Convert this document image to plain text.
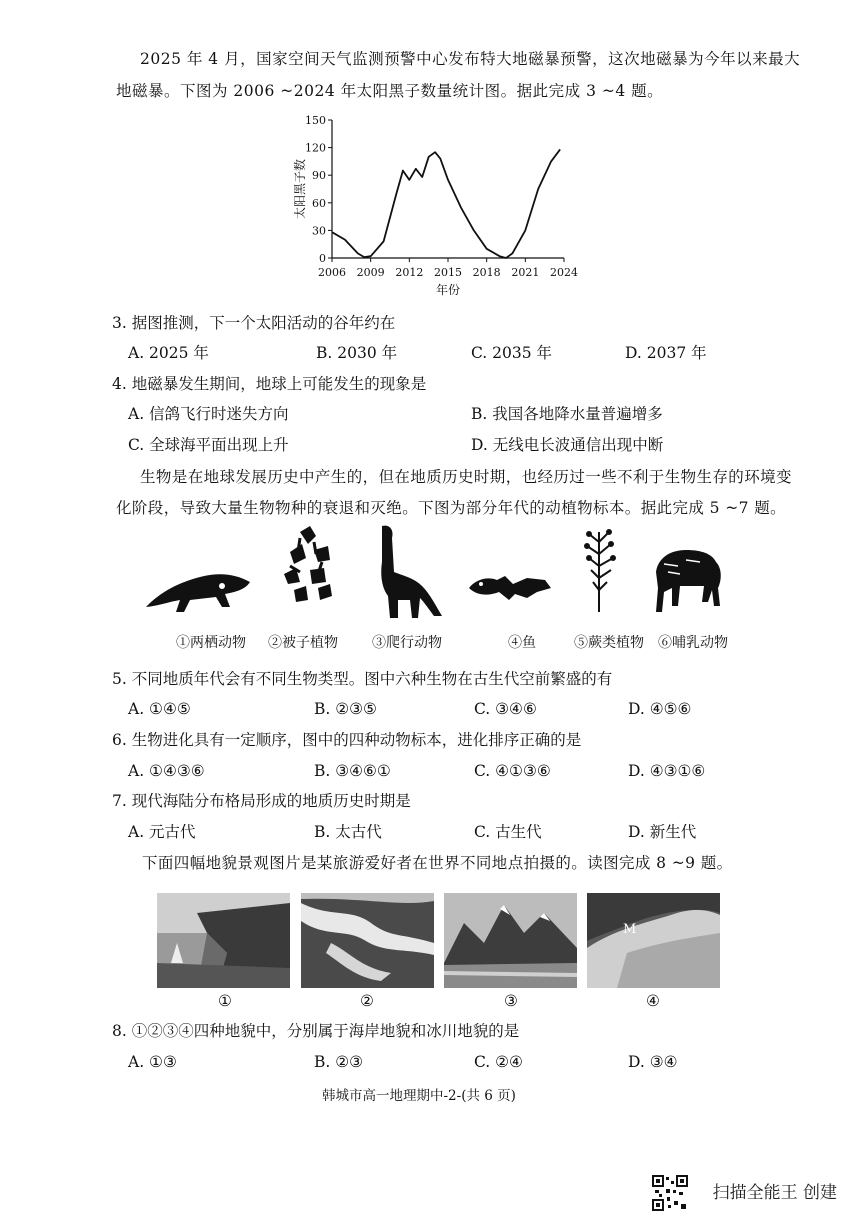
2025 年 4 月，国家空间天气监测预警中心发布特大地磁暴预警，这次地磁暴为今年以来最大
地磁暴。下图为 2006 ~2024 年太阳黑子数量统计图。据此完成 3 ~4 题。
0
30
60
90
120
150
2006 2009 2012 2015 2018 2021 2024
年份
太阳黑子数
3. 据图推测，下一个太阳活动的谷年约在
A. 2025 年	B. 2030 年	C. 2035 年	D. 2037 年
4. 地磁暴发生期间，地球上可能发生的现象是
A. 信鸽飞行时迷失方向	B. 我国各地降水量普遍增多
C. 全球海平面出现上升	D. 无线电长波通信出现中断
生物是在地球发展历史中产生的，但在地质历史时期，也经历过一些不利于生物生存的环境变
化阶段，导致大量生物物种的衰退和灭绝。下图为部分年代的动植物标本。据此完成 5 ~7 题。
①两栖动物 ②被子植物 ③爬行动物	④鱼	⑤蕨类植物 ⑥哺乳动物
5. 不同地质年代会有不同生物类型。图中六种生物在古生代空前繁盛的有
A. ①④⑤	B. ②③⑤	C. ③④⑥	D. ④⑤⑥
6. 生物进化具有一定顺序，图中的四种动物标本，进化排序正确的是
A. ①④③⑥	B. ③④⑥①	C. ④①③⑥	D. ④③①⑥
7. 现代海陆分布格局形成的地质历史时期是
A. 元古代	B. 太古代	C. 古生代	D. 新生代
下面四幅地貌景观图片是某旅游爱好者在世界不同地点拍摄的。读图完成 8 ~9 题。
M
①	②	③	④
8. ①②③④四种地貌中，分别属于海岸地貌和冰川地貌的是
A. ①③	B. ②③	C. ②④	D. ③④
韩城市高一地理期中-2-(共 6 页)
扫描全能王 创建
